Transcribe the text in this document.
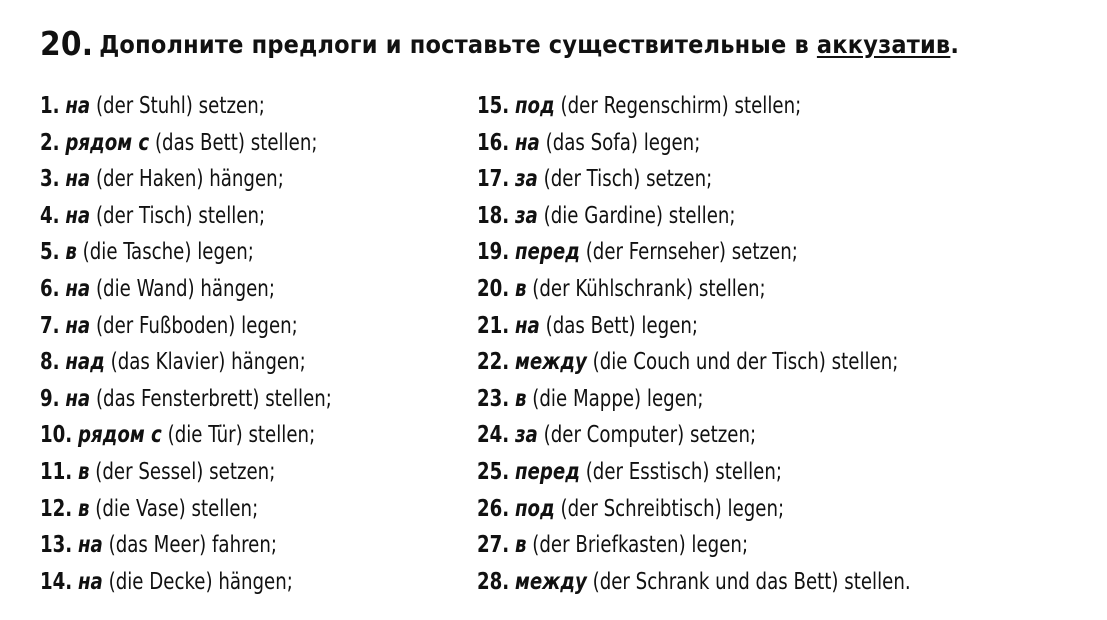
20. Дополните предлоги и поставьте существительные в аккузатив.
1. на (der Stuhl) setzen;
2. рядом с (das Bett) stellen;
3. на (der Haken) hängen;
4. на (der Tisch) stellen;
5. в (die Tasche) legen;
6. на (die Wand) hängen;
7. на (der Fußboden) legen;
8. над (das Klavier) hängen;
9. на (das Fensterbrett) stellen;
10. рядом с (die Tür) stellen;
11. в (der Sessel) setzen;
12. в (die Vase) stellen;
13. на (das Meer) fahren;
14. на (die Decke) hängen;
15. под (der Regenschirm) stellen;
16. на (das Sofa) legen;
17. за (der Tisch) setzen;
18. за (die Gardine) stellen;
19. перед (der Fernseher) setzen;
20. в (der Kühlschrank) stellen;
21. на (das Bett) legen;
22. между (die Couch und der Tisch) stellen;
23. в (die Mappe) legen;
24. за (der Computer) setzen;
25. перед (der Esstisch) stellen;
26. под (der Schreibtisch) legen;
27. в (der Briefkasten) legen;
28. между (der Schrank und das Bett) stellen.
